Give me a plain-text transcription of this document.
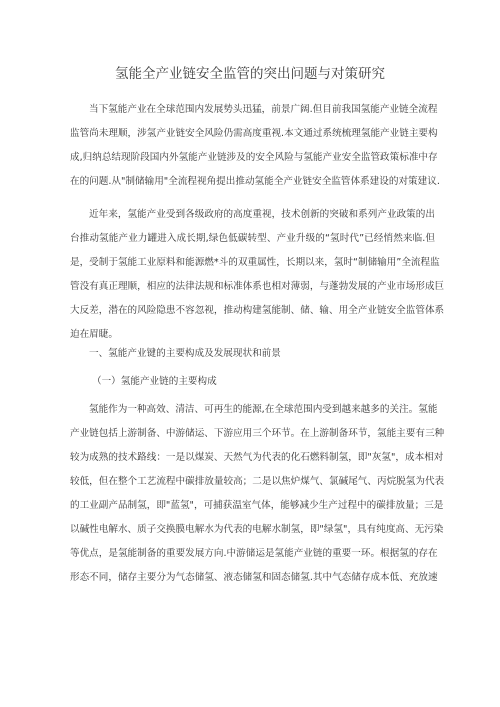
氢能全产业链安全监管的突出问题与对策研究
当下氢能产业在全球范围内发展势头迅猛，前景广阔.但目前我国氢能产业链全流程
监管尚未理顺，涉氢产业链安全风险仍需高度重视.本文通过系统梳理氢能产业链主要构
成,归纳总结现阶段国内外氢能产业链涉及的安全风险与氢能产业安全监管政策标准中存
在的问题.从"制储输用"全流程视角提出推动氢能全产业链安全监管体系建设的对策建议.
近年来，氢能产业受到各级政府的高度重视，技术创新的突破和系列产业政策的出
台推动氢能产业力罐进入成长期,绿色低碳转型、产业升级的“氢时代”已经悄然来临.但
是，受制于氢能工业原料和能源燃*斗的双重属性，长期以来，氢时“制储输用”全流程监
管没有真正理顺，相应的法律法规和标准体系也相对薄弱，与蓬勃发展的产业市场形成巨
大反差，潜在的风险隐患不容忽视，推动构建氢能制、储、输、用全产业链安全监管体系
迫在眉睫。
一、氢能产业键的主要构成及发展现状和前景
（一）氢能产业链的主要构成
氢能作为一种高效、清洁、可再生的能源,在全球范围内受到越来越多的关注。氢能
产业链包括上游制备、中游储运、下游应用三个环节。在上游制备环节，氢能主要有三种
较为成熟的技术路线：一是以煤炭、天然气为代表的化石燃料制氢，即"灰氢"，成本相对
较低，但在整个工艺流程中碳排放量较高；二是以焦炉煤气、氯碱尾气、丙烷脱氢为代表
的工业副产品制氢，即"蓝氢"，可捕获温室气体，能够减少生产过程中的碳排放量；三是
以碱性电解水、质子交换膜电解水为代表的电解水制氢，即"绿氢"，具有纯度高、无污染
等优点，是氢能制备的重要发展方向.中游储运是氢能产业链的重要一环。根据氢的存在
形态不同，储存主要分为气态储氢、液态储氢和固态储氢.其中气态储存成本低、充放速
